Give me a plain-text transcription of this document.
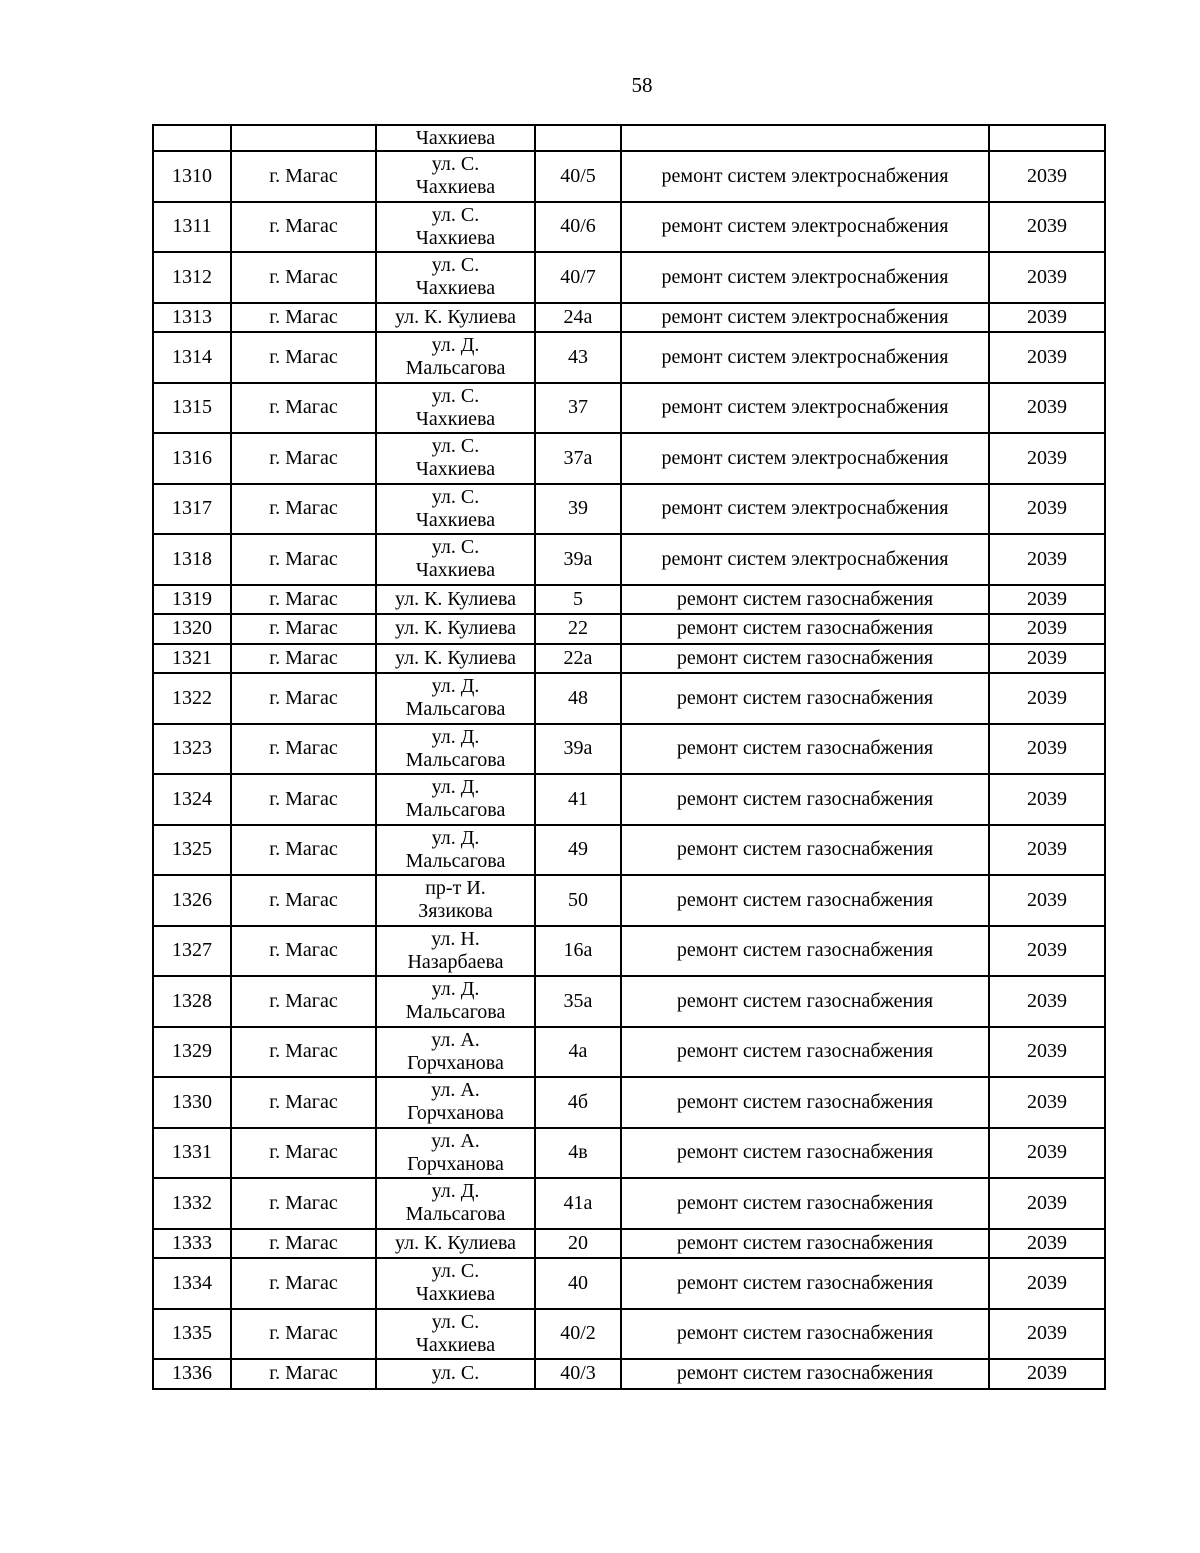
58
		Чахкиева			
1310	г. Магас	ул. С.
Чахкиева	40/5	ремонт систем электроснабжения	2039
1311	г. Магас	ул. С.
Чахкиева	40/6	ремонт систем электроснабжения	2039
1312	г. Магас	ул. С.
Чахкиева	40/7	ремонт систем электроснабжения	2039
1313	г. Магас	ул. К. Кулиева	24а	ремонт систем электроснабжения	2039
1314	г. Магас	ул. Д.
Мальсагова	43	ремонт систем электроснабжения	2039
1315	г. Магас	ул. С.
Чахкиева	37	ремонт систем электроснабжения	2039
1316	г. Магас	ул. С.
Чахкиева	37а	ремонт систем электроснабжения	2039
1317	г. Магас	ул. С.
Чахкиева	39	ремонт систем электроснабжения	2039
1318	г. Магас	ул. С.
Чахкиева	39а	ремонт систем электроснабжения	2039
1319	г. Магас	ул. К. Кулиева	5	ремонт систем газоснабжения	2039
1320	г. Магас	ул. К. Кулиева	22	ремонт систем газоснабжения	2039
1321	г. Магас	ул. К. Кулиева	22а	ремонт систем газоснабжения	2039
1322	г. Магас	ул. Д.
Мальсагова	48	ремонт систем газоснабжения	2039
1323	г. Магас	ул. Д.
Мальсагова	39а	ремонт систем газоснабжения	2039
1324	г. Магас	ул. Д.
Мальсагова	41	ремонт систем газоснабжения	2039
1325	г. Магас	ул. Д.
Мальсагова	49	ремонт систем газоснабжения	2039
1326	г. Магас	пр-т И.
Зязикова	50	ремонт систем газоснабжения	2039
1327	г. Магас	ул. Н.
Назарбаева	16а	ремонт систем газоснабжения	2039
1328	г. Магас	ул. Д.
Мальсагова	35а	ремонт систем газоснабжения	2039
1329	г. Магас	ул. А.
Горчханова	4а	ремонт систем газоснабжения	2039
1330	г. Магас	ул. А.
Горчханова	4б	ремонт систем газоснабжения	2039
1331	г. Магас	ул. А.
Горчханова	4в	ремонт систем газоснабжения	2039
1332	г. Магас	ул. Д.
Мальсагова	41а	ремонт систем газоснабжения	2039
1333	г. Магас	ул. К. Кулиева	20	ремонт систем газоснабжения	2039
1334	г. Магас	ул. С.
Чахкиева	40	ремонт систем газоснабжения	2039
1335	г. Магас	ул. С.
Чахкиева	40/2	ремонт систем газоснабжения	2039
1336	г. Магас	ул. С.	40/3	ремонт систем газоснабжения	2039
